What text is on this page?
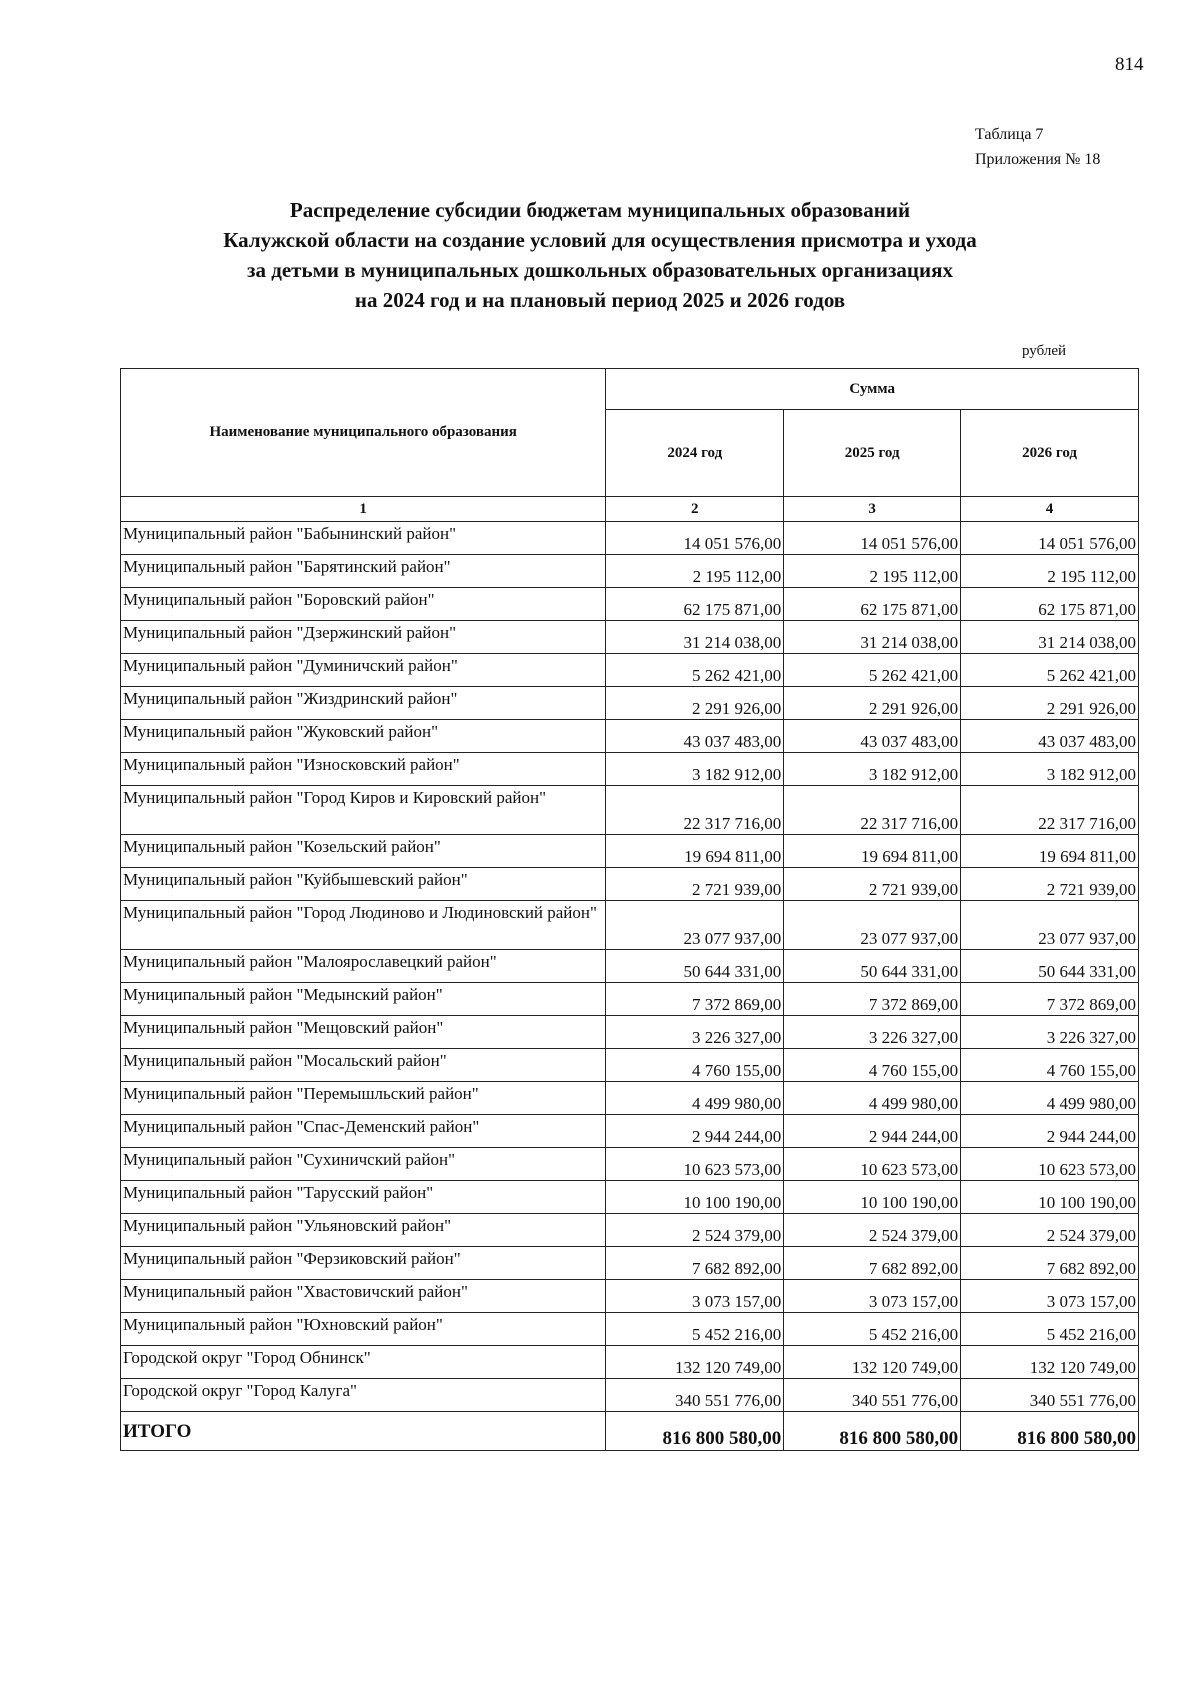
814
Таблица 7
Приложения № 18
Распределение субсидии бюджетам муниципальных образований
Калужской области на создание условий для осуществления присмотра и ухода
за детьми в муниципальных дошкольных образовательных организациях
на 2024 год и на плановый период 2025 и 2026 годов
рублей
Наименование муниципального образования	Сумма		
	2024 год	2025 год	2026 год
1	2	3	4
Муниципальный район "Бабынинский район"	14 051 576,00	14 051 576,00	14 051 576,00
Муниципальный район "Барятинский район"	2 195 112,00	2 195 112,00	2 195 112,00
Муниципальный район "Боровский район"	62 175 871,00	62 175 871,00	62 175 871,00
Муниципальный район "Дзержинский район"	31 214 038,00	31 214 038,00	31 214 038,00
Муниципальный район "Думиничский район"	5 262 421,00	5 262 421,00	5 262 421,00
Муниципальный район "Жиздринский район"	2 291 926,00	2 291 926,00	2 291 926,00
Муниципальный район "Жуковский район"	43 037 483,00	43 037 483,00	43 037 483,00
Муниципальный район "Износковский район"	3 182 912,00	3 182 912,00	3 182 912,00
Муниципальный район "Город Киров и Кировский район"	22 317 716,00	22 317 716,00	22 317 716,00
Муниципальный район "Козельский район"	19 694 811,00	19 694 811,00	19 694 811,00
Муниципальный район "Куйбышевский район"	2 721 939,00	2 721 939,00	2 721 939,00
Муниципальный район "Город Людиново и Людиновский район"	23 077 937,00	23 077 937,00	23 077 937,00
Муниципальный район "Малоярославецкий район"	50 644 331,00	50 644 331,00	50 644 331,00
Муниципальный район "Медынский район"	7 372 869,00	7 372 869,00	7 372 869,00
Муниципальный район "Мещовский район"	3 226 327,00	3 226 327,00	3 226 327,00
Муниципальный район "Мосальский район"	4 760 155,00	4 760 155,00	4 760 155,00
Муниципальный район "Перемышльский район"	4 499 980,00	4 499 980,00	4 499 980,00
Муниципальный район "Спас-Деменский район"	2 944 244,00	2 944 244,00	2 944 244,00
Муниципальный район "Сухиничский район"	10 623 573,00	10 623 573,00	10 623 573,00
Муниципальный район "Тарусский район"	10 100 190,00	10 100 190,00	10 100 190,00
Муниципальный район "Ульяновский район"	2 524 379,00	2 524 379,00	2 524 379,00
Муниципальный район "Ферзиковский район"	7 682 892,00	7 682 892,00	7 682 892,00
Муниципальный район "Хвастовичский район"	3 073 157,00	3 073 157,00	3 073 157,00
Муниципальный район "Юхновский район"	5 452 216,00	5 452 216,00	5 452 216,00
Городской округ "Город Обнинск"	132 120 749,00	132 120 749,00	132 120 749,00
Городской округ "Город Калуга"	340 551 776,00	340 551 776,00	340 551 776,00
ИТОГО	816 800 580,00	816 800 580,00	816 800 580,00
